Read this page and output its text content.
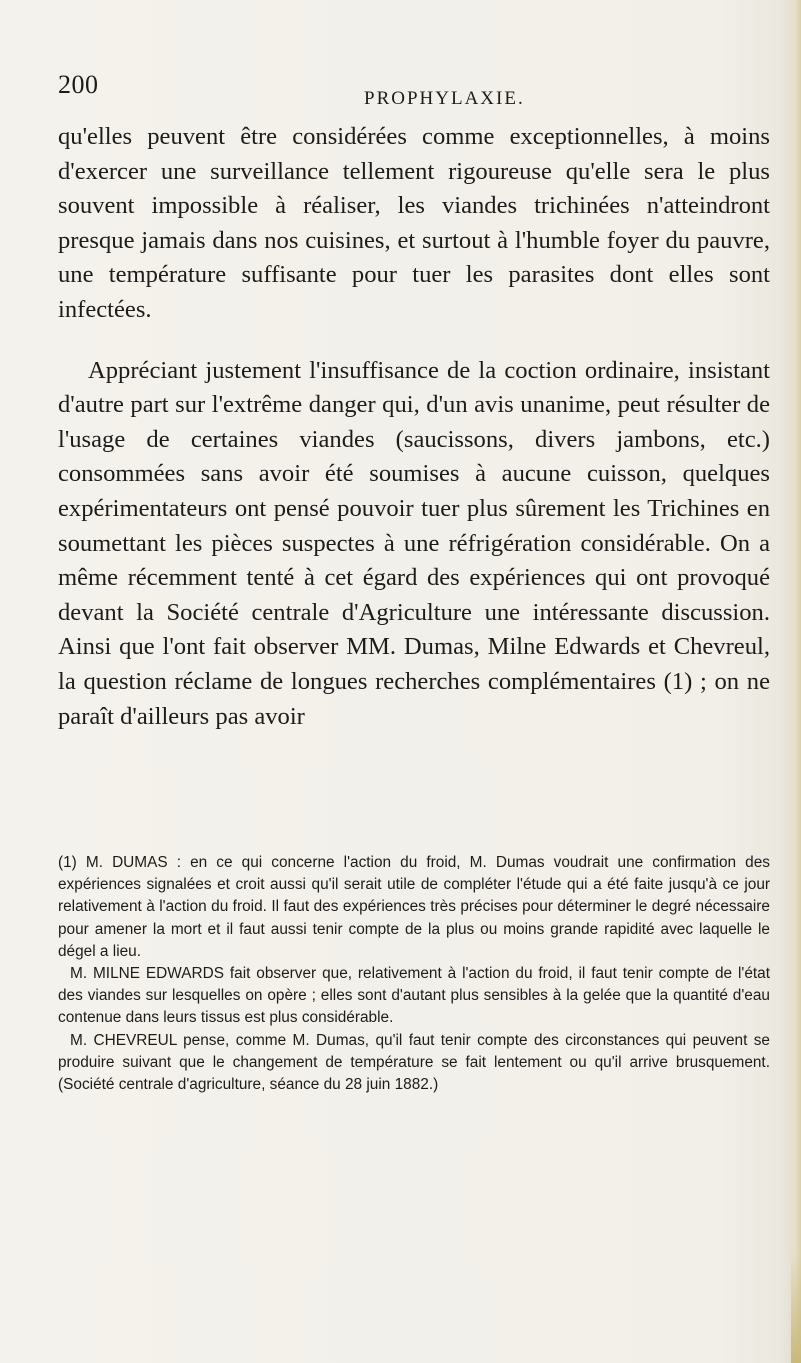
200	PROPHYLAXIE.

qu'elles peuvent être considérées comme exceptionnelles, à moins d'exercer une surveillance tellement rigoureuse qu'elle sera le plus souvent impossible à réaliser, les viandes trichinées n'atteindront presque jamais dans nos cuisines, et surtout à l'humble foyer du pauvre, une température suffisante pour tuer les parasites dont elles sont infectées.

Appréciant justement l'insuffisance de la coction ordinaire, insistant d'autre part sur l'extrême danger qui, d'un avis unanime, peut résulter de l'usage de certaines viandes (saucissons, divers jambons, etc.) consommées sans avoir été soumises à aucune cuisson, quelques expérimentateurs ont pensé pouvoir tuer plus sûrement les Trichines en soumettant les pièces suspectes à une réfrigération considérable. On a même récemment tenté à cet égard des expériences qui ont provoqué devant la Société centrale d'Agriculture une intéressante discussion. Ainsi que l'ont fait observer MM. Dumas, Milne Edwards et Chevreul, la question réclame de longues recherches complémentaires (1) ; on ne paraît d'ailleurs pas avoir

(1) M. DUMAS : en ce qui concerne l'action du froid, M. Dumas voudrait une confirmation des expériences signalées et croit aussi qu'il serait utile de compléter l'étude qui a été faite jusqu'à ce jour relativement à l'action du froid. Il faut des expériences très précises pour déterminer le degré nécessaire pour amener la mort et il faut aussi tenir compte de la plus ou moins grande rapidité avec laquelle le dégel a lieu.

M. MILNE EDWARDS fait observer que, relativement à l'action du froid, il faut tenir compte de l'état des viandes sur lesquelles on opère ; elles sont d'autant plus sensibles à la gelée que la quantité d'eau contenue dans leurs tissus est plus considérable.

M. CHEVREUL pense, comme M. Dumas, qu'il faut tenir compte des circonstances qui peuvent se produire suivant que le changement de température se fait lentement ou qu'il arrive brusquement. (Société centrale d'agriculture, séance du 28 juin 1882.)
